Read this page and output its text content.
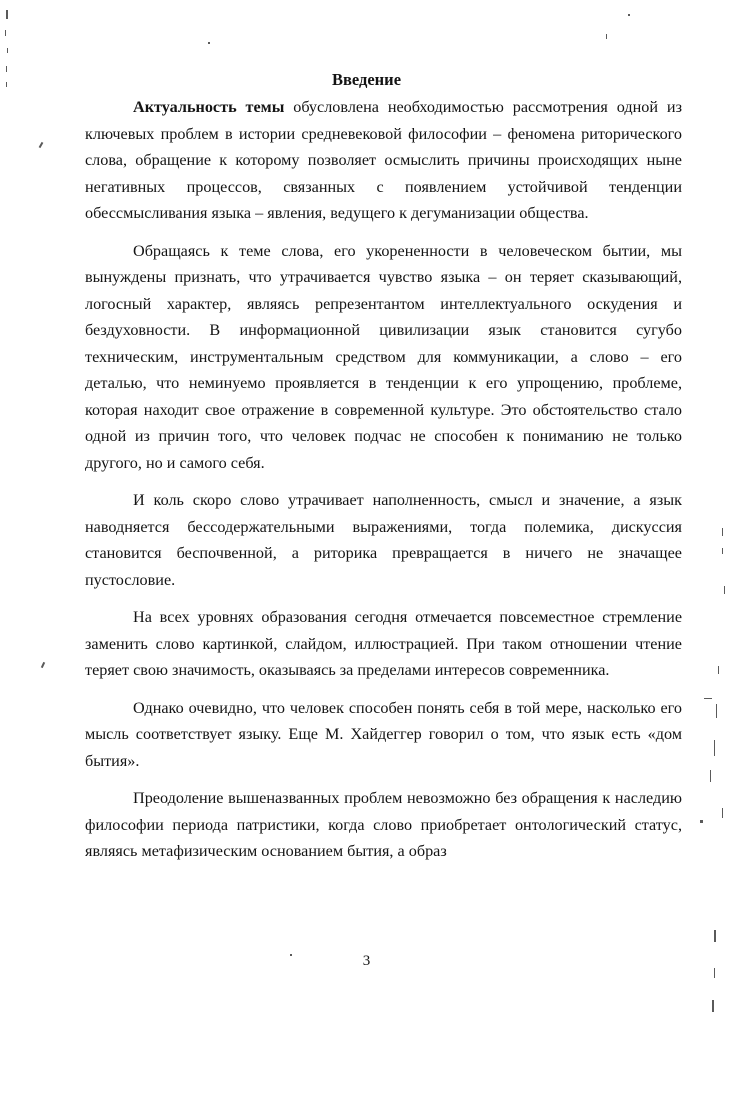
Введение

Актуальность темы обусловлена необходимостью рассмотрения одной из ключевых проблем в истории средневековой философии – феномена риторического слова, обращение к которому позволяет осмыслить причины происходящих ныне негативных процессов, связанных с появлением устойчивой тенденции обессмысливания языка – явления, ведущего к дегуманизации общества.

Обращаясь к теме слова, его укорененности в человеческом бытии, мы вынуждены признать, что утрачивается чувство языка – он теряет сказывающий, логосный характер, являясь репрезентантом интеллектуального оскудения и бездуховности. В информационной цивилизации язык становится сугубо техническим, инструментальным средством для коммуникации, а слово – его деталью, что неминуемо проявляется в тенденции к его упрощению, проблеме, которая находит свое отражение в современной культуре. Это обстоятельство стало одной из причин того, что человек подчас не способен к пониманию не только другого, но и самого себя.

И коль скоро слово утрачивает наполненность, смысл и значение, а язык наводняется бессодержательными выражениями, тогда полемика, дискуссия становится беспочвенной, а риторика превращается в ничего не значащее пустословие.

На всех уровнях образования сегодня отмечается повсеместное стремление заменить слово картинкой, слайдом, иллюстрацией. При таком отношении чтение теряет свою значимость, оказываясь за пределами интересов современника.

Однако очевидно, что человек способен понять себя в той мере, насколько его мысль соответствует языку. Еще М. Хайдеггер говорил о том, что язык есть «дом бытия».

Преодоление вышеназванных проблем невозможно без обращения к наследию философии периода патристики, когда слово приобретает онтологический статус, являясь метафизическим основанием бытия, а образ

3
